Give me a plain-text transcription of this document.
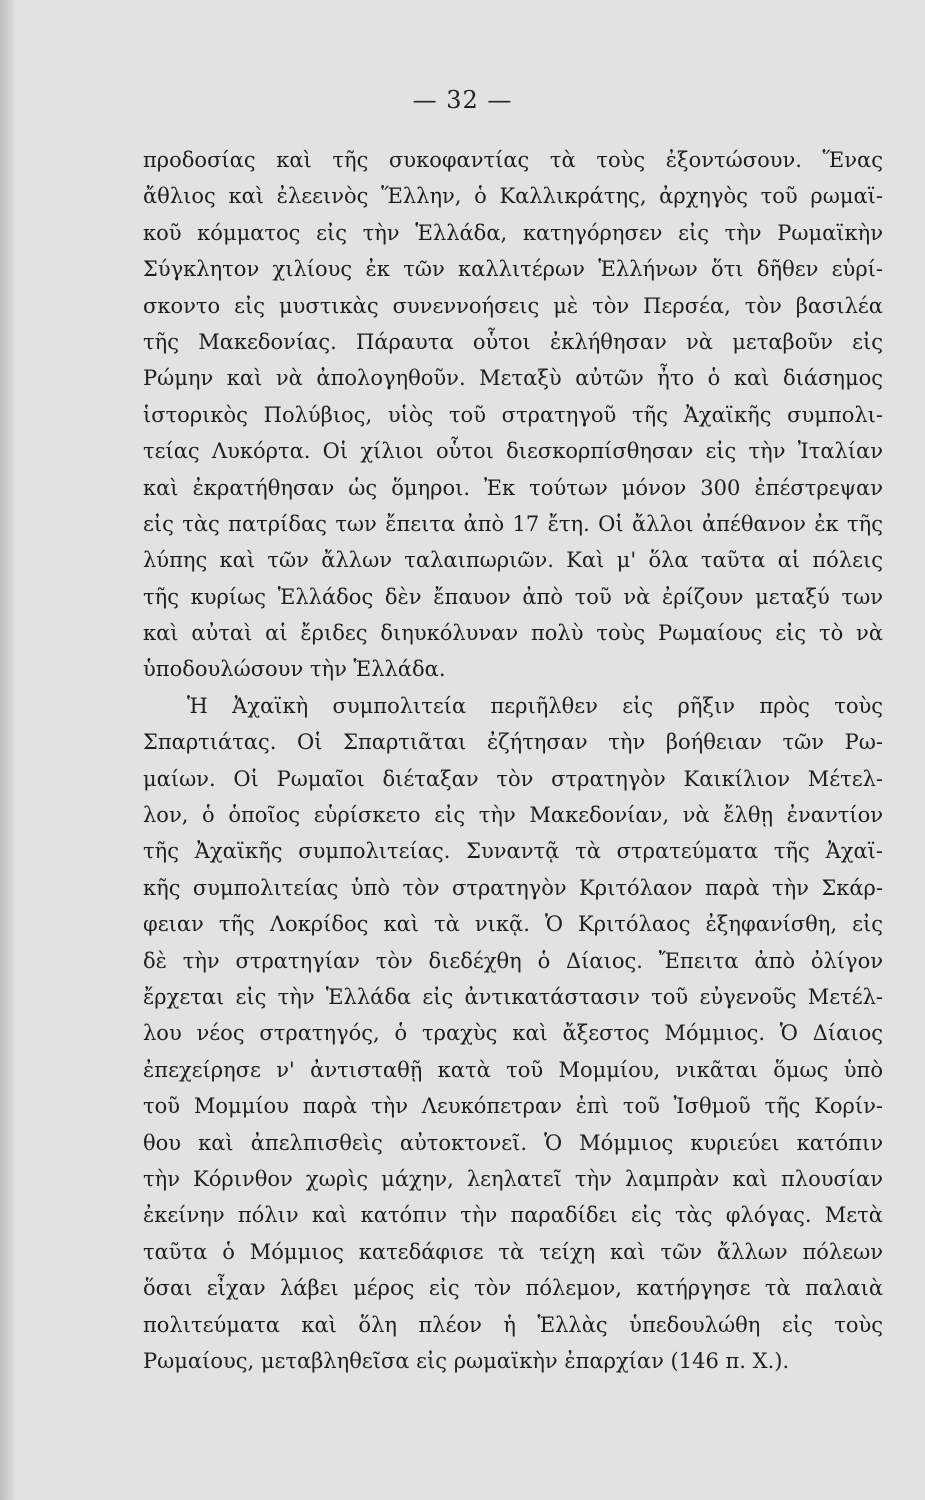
— 32 —
προδοσίας καὶ τῆς συκοφαντίας τὰ τοὺς ἐξοντώσουν. Ἕνας
ἄθλιος καὶ ἐλεεινὸς Ἕλλην, ὁ Καλλικράτης, ἀρχηγὸς τοῦ ρωμαϊ-
κοῦ κόμματος εἰς τὴν Ἑλλάδα, κατηγόρησεν εἰς τὴν Ρωμαϊκὴν
Σύγκλητον χιλίους ἐκ τῶν καλλιτέρων Ἑλλήνων ὅτι δῆθεν εὑρί-
σκοντο εἰς μυστικὰς συνεννοήσεις μὲ τὸν Περσέα, τὸν βασιλέα
τῆς Μακεδονίας. Πάραυτα οὗτοι ἐκλήθησαν νὰ μεταβοῦν εἰς
Ρώμην καὶ νὰ ἀπολογηθοῦν. Μεταξὺ αὐτῶν ἦτο ὁ καὶ διάσημος
ἱστορικὸς Πολύβιος, υἱὸς τοῦ στρατηγοῦ τῆς Ἀχαϊκῆς συμπολι-
τείας Λυκόρτα. Οἱ χίλιοι οὗτοι διεσκορπίσθησαν εἰς τὴν Ἰταλίαν
καὶ ἐκρατήθησαν ὡς ὅμηροι. Ἐκ τούτων μόνον 300 ἐπέστρεψαν
εἰς τὰς πατρίδας των ἔπειτα ἀπὸ 17 ἔτη. Οἱ ἄλλοι ἀπέθανον ἐκ τῆς
λύπης καὶ τῶν ἄλλων ταλαιπωριῶν. Καὶ μ' ὅλα ταῦτα αἱ πόλεις
τῆς κυρίως Ἑλλάδος δὲν ἔπαυον ἀπὸ τοῦ νὰ ἐρίζουν μεταξύ των
καὶ αὐταὶ αἱ ἔριδες διηυκόλυναν πολὺ τοὺς Ρωμαίους εἰς τὸ νὰ
ὑποδουλώσουν τὴν Ἑλλάδα.
Ἡ Ἀχαϊκὴ συμπολιτεία περιῆλθεν εἰς ρῆξιν πρὸς τοὺς
Σπαρτιάτας. Οἱ Σπαρτιᾶται ἐζήτησαν τὴν βοήθειαν τῶν Ρω-
μαίων. Οἱ Ρωμαῖοι διέταξαν τὸν στρατηγὸν Καικίλιον Μέτελ-
λον, ὁ ὁποῖος εὑρίσκετο εἰς τὴν Μακεδονίαν, νὰ ἔλθῃ ἐναντίον
τῆς Ἀχαϊκῆς συμπολιτείας. Συναντᾷ τὰ στρατεύματα τῆς Ἀχαϊ-
κῆς συμπολιτείας ὑπὸ τὸν στρατηγὸν Κριτόλαον παρὰ τὴν Σκάρ-
φειαν τῆς Λοκρίδος καὶ τὰ νικᾷ. Ὁ Κριτόλαος ἐξηφανίσθη, εἰς
δὲ τὴν στρατηγίαν τὸν διεδέχθη ὁ Δίαιος. Ἔπειτα ἀπὸ ὀλίγον
ἔρχεται εἰς τὴν Ἑλλάδα εἰς ἀντικατάστασιν τοῦ εὐγενοῦς Μετέλ-
λου νέος στρατηγός, ὁ τραχὺς καὶ ἄξεστος Μόμμιος. Ὁ Δίαιος
ἐπεχείρησε ν' ἀντισταθῇ κατὰ τοῦ Μομμίου, νικᾶται ὅμως ὑπὸ
τοῦ Μομμίου παρὰ τὴν Λευκόπετραν ἐπὶ τοῦ Ἰσθμοῦ τῆς Κορίν-
θου καὶ ἀπελπισθεὶς αὐτοκτονεῖ. Ὁ Μόμμιος κυριεύει κατόπιν
τὴν Κόρινθον χωρὶς μάχην, λεηλατεῖ τὴν λαμπρὰν καὶ πλουσίαν
ἐκείνην πόλιν καὶ κατόπιν τὴν παραδίδει εἰς τὰς φλόγας. Μετὰ
ταῦτα ὁ Μόμμιος κατεδάφισε τὰ τείχη καὶ τῶν ἄλλων πόλεων
ὅσαι εἶχαν λάβει μέρος εἰς τὸν πόλεμον, κατήργησε τὰ παλαιὰ
πολιτεύματα καὶ ὅλη πλέον ἡ Ἑλλὰς ὑπεδουλώθη εἰς τοὺς
Ρωμαίους, μεταβληθεῖσα εἰς ρωμαϊκὴν ἐπαρχίαν (146 π. Χ.).
